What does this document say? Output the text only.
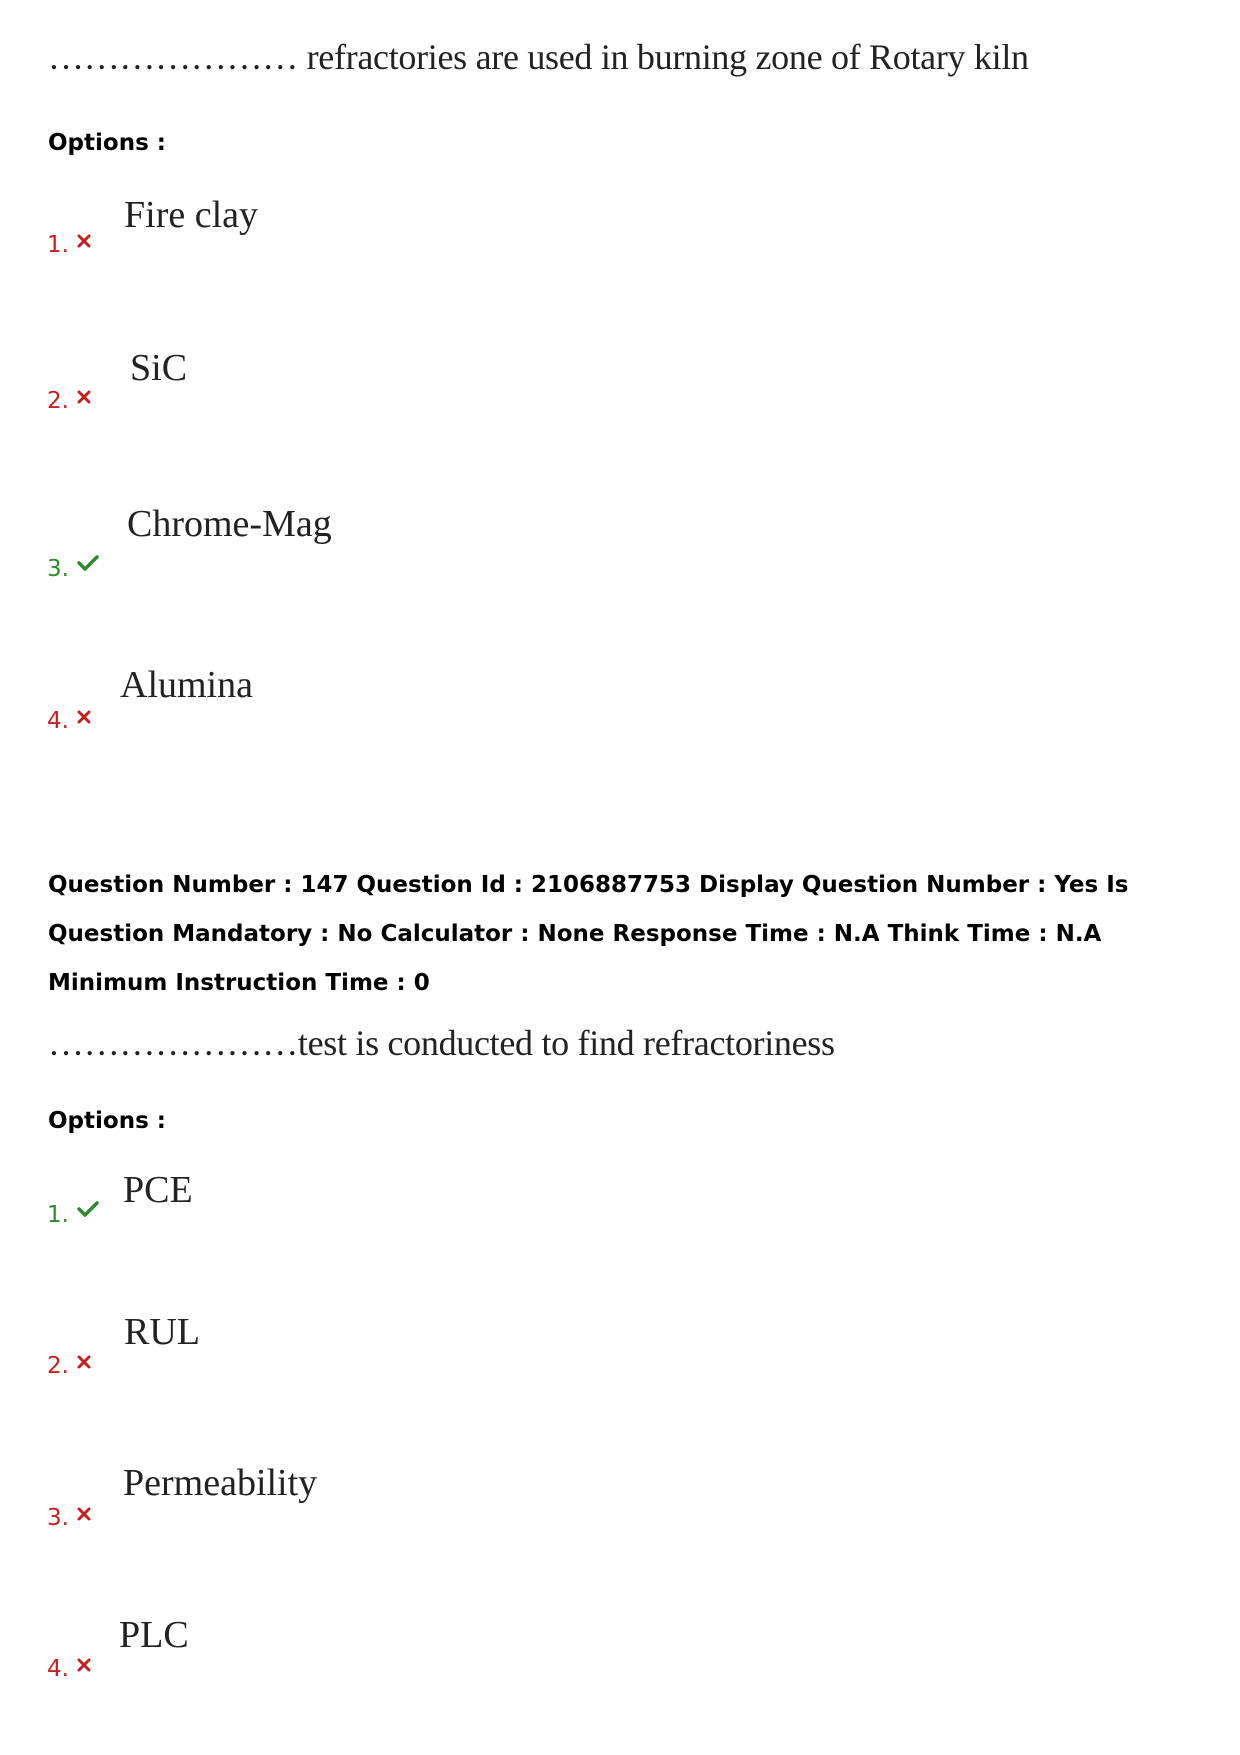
………………… refractories are used in burning zone of Rotary kiln
Options :
1.
Fire clay
2.
SiC
3.
Chrome-Mag
4.
Alumina
Question Number : 147 Question Id : 2106887753 Display Question Number : Yes Is Question Mandatory : No Calculator : None Response Time : N.A Think Time : N.A Minimum Instruction Time : 0
…………………test is conducted to find refractoriness
Options :
1.
PCE
2.
RUL
3.
Permeability
4.
PLC
